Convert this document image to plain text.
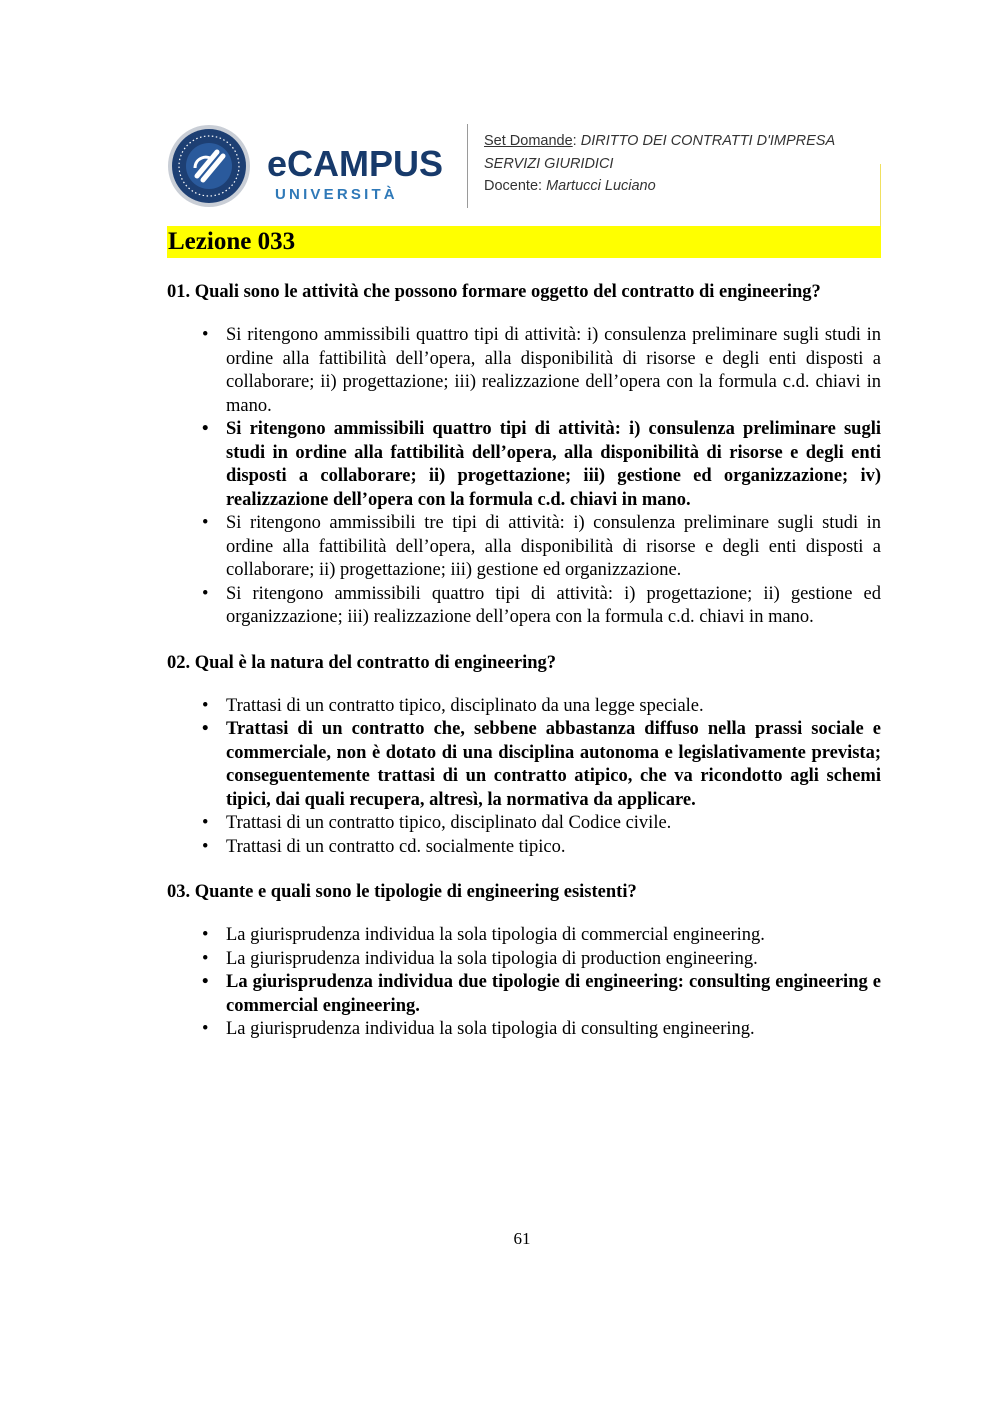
eCAMPUS
UNIVERSITÀ
Set Domande: DIRITTO DEI CONTRATTI D'IMPRESA
SERVIZI GIURIDICI
Docente: Martucci Luciano
Lezione 033

01. Quali sono le attività che possono formare oggetto del contratto di engineering?

• Si ritengono ammissibili quattro tipi di attività: i) consulenza preliminare sugli studi in ordine alla fattibilità dell’opera, alla disponibilità di risorse e degli enti disposti a collaborare; ii) progettazione; iii) realizzazione dell’opera con la formula c.d. chiavi in mano.
• Si ritengono ammissibili quattro tipi di attività: i) consulenza preliminare sugli studi in ordine alla fattibilità dell’opera, alla disponibilità di risorse e degli enti disposti a collaborare; ii) progettazione; iii) gestione ed organizzazione; iv) realizzazione dell’opera con la formula c.d. chiavi in mano.
• Si ritengono ammissibili tre tipi di attività: i) consulenza preliminare sugli studi in ordine alla fattibilità dell’opera, alla disponibilità di risorse e degli enti disposti a collaborare; ii) progettazione; iii) gestione ed organizzazione.
• Si ritengono ammissibili quattro tipi di attività: i) progettazione; ii) gestione ed organizzazione; iii) realizzazione dell’opera con la formula c.d. chiavi in mano.

02. Qual è la natura del contratto di engineering?

• Trattasi di un contratto tipico, disciplinato da una legge speciale.
• Trattasi di un contratto che, sebbene abbastanza diffuso nella prassi sociale e commerciale, non è dotato di una disciplina autonoma e legislativamente prevista; conseguentemente trattasi di un contratto atipico, che va ricondotto agli schemi tipici, dai quali recupera, altresì, la normativa da applicare.
• Trattasi di un contratto tipico, disciplinato dal Codice civile.
• Trattasi di un contratto cd. socialmente tipico.

03. Quante e quali sono le tipologie di engineering esistenti?

• La giurisprudenza individua la sola tipologia di commercial engineering.
• La giurisprudenza individua la sola tipologia di production engineering.
• La giurisprudenza individua due tipologie di engineering: consulting engineering e commercial engineering.
• La giurisprudenza individua la sola tipologia di consulting engineering.
61
